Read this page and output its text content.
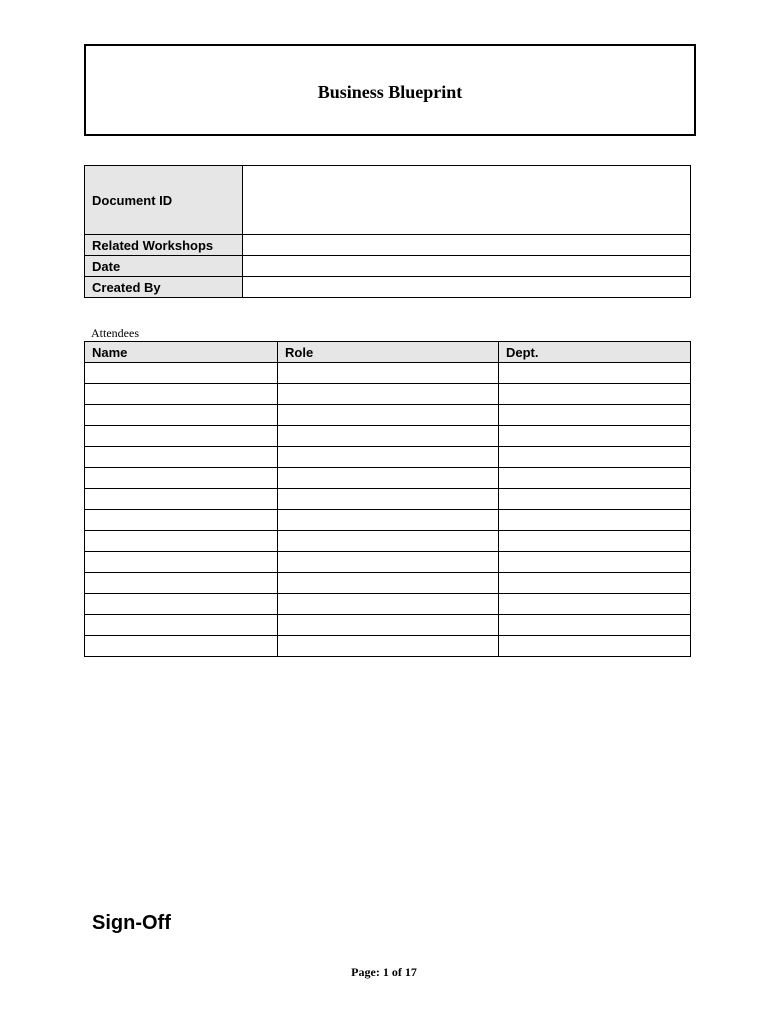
Business Blueprint
Document ID	
Related Workshops	
Date	
Created By	
Attendees
Name	Role	Dept.

Sign-Off
Page: 1 of 17
